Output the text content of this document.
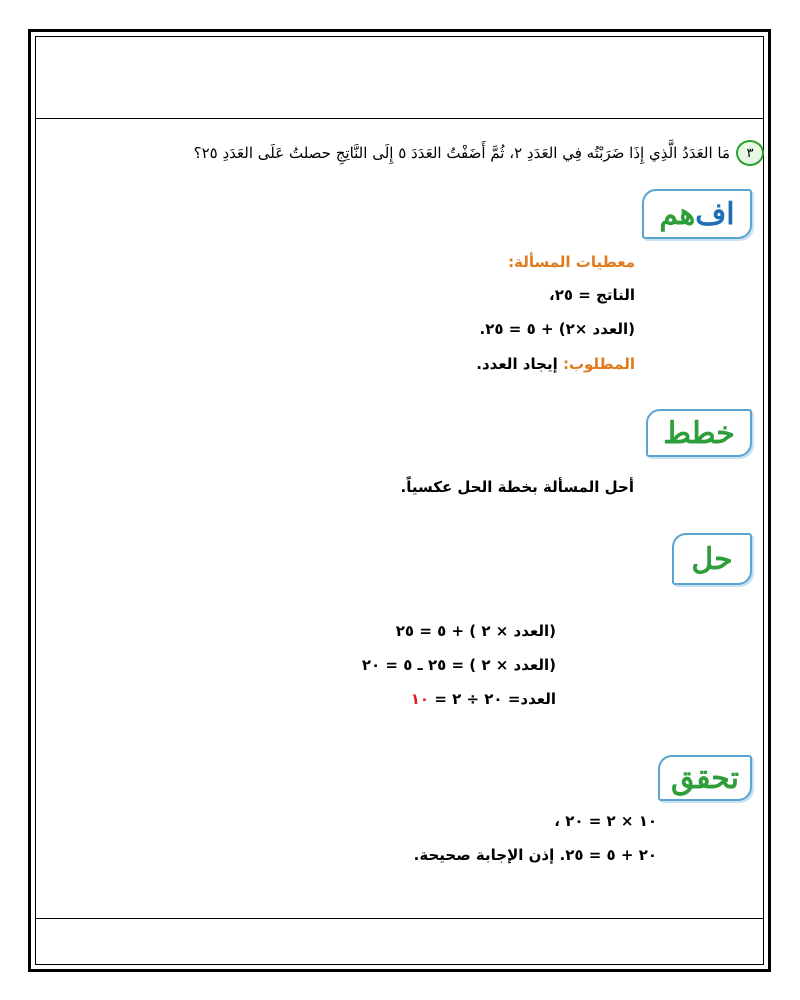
٣
مَا العَدَدُ الَّذِي إِذَا ضَرَبْتُه فِي العَدَدِ ٢، ثُمَّ أَضَفْتُ العَدَدَ ٥ إِلَى النَّاتِجِ حصلتُ عَلَى العَدَدِ ٢٥؟
اف
هم
معطيات المسألة:
الناتج = ٢٥،
(العدد ×٢) + ٥ = ٢٥.
المطلوب: إيجاد العدد.
خطط
أحل المسألة بخطة الحل عكسياً.
حل
(العدد × ٢ ) + ٥ = ٢٥
(العدد × ٢ ) = ٢٥ ـ ٥ = ٢٠
العدد= ٢٠ ÷ ٢ = ١٠
تحقق
١٠ × ٢ = ٢٠ ،
٢٠ + ٥ = ٢٥. إذن الإجابة صحيحة.
